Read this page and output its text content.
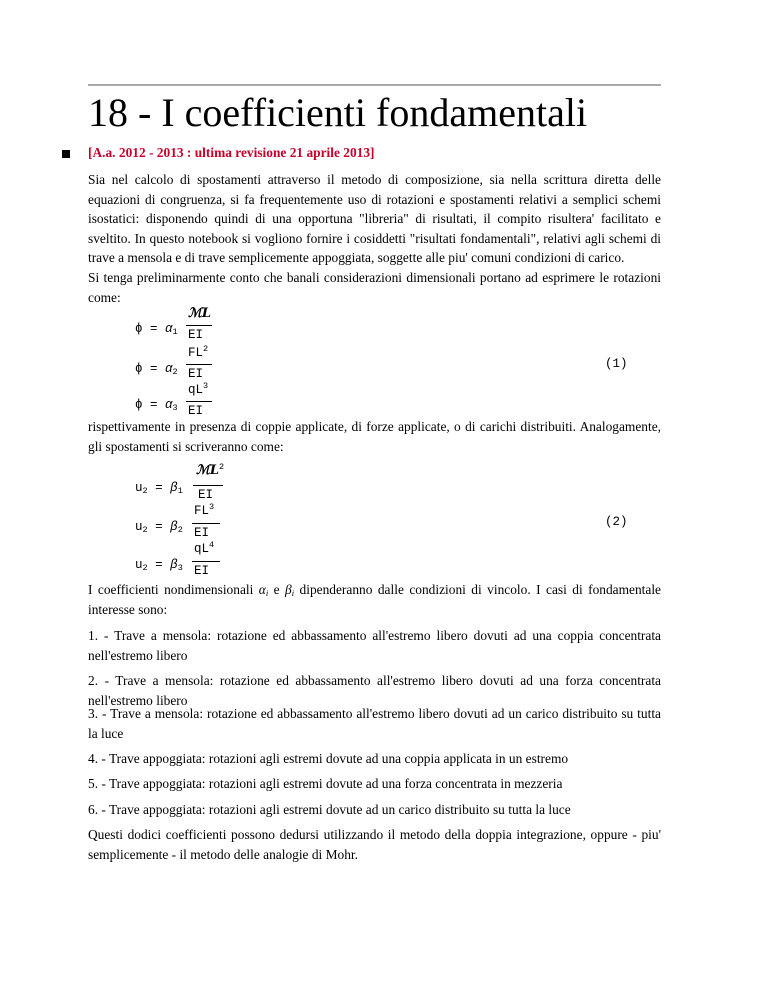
18 - I coefficienti fondamentali
[A.a. 2012 - 2013 : ultima revisione 21 aprile 2013]

Sia nel calcolo di spostamenti attraverso il metodo di composizione, sia nella scrittura diretta delle equazioni di congruenza, si fa frequentemente uso di rotazioni e spostamenti relativi a semplici schemi isostatici: disponendo quindi di una opportuna "libreria" di risultati, il compito risultera' facilitato e sveltito. In questo notebook si vogliono fornire i cosiddetti "risultati fondamentali", relativi agli schemi di trave a mensola e di trave semplicemente appoggiata, soggette alle piu' comuni condizioni di carico.

Si tenga preliminarmente conto che banali considerazioni dimensionali portano ad esprimere le rotazioni come:

$\phi = \alpha_1$
ℳL
EI
$\phi = \alpha_2$
$FL^2$
EI
(1)
$\phi = \alpha_3$
$qL^3$
EI

rispettivamente in presenza di coppie applicate, di forze applicate, o di carichi distribuiti. Analogamente, gli spostamenti si scriveranno come:

$u_2 = \beta_1$
ℳL$^2$
EI
$u_2 = \beta_2$
$FL^3$
EI
(2)
$u_2 = \beta_3$
$qL^4$
EI

I coefficienti nondimensionali $\alpha_i$ e $\beta_i$ dipenderanno dalle condizioni di vincolo. I casi di fondamentale interesse sono:

1. - Trave a mensola: rotazione ed abbassamento all'estremo libero dovuti ad una coppia concentrata nell'estremo libero

2. - Trave a mensola: rotazione ed abbassamento all'estremo libero dovuti ad una forza concentrata nell'estremo libero

3. - Trave a mensola: rotazione ed abbassamento all'estremo libero dovuti ad un carico distribuito su tutta la luce

4. - Trave appoggiata: rotazioni agli estremi dovute ad una coppia applicata in un estremo

5. - Trave appoggiata: rotazioni agli estremi dovute ad una forza concentrata in mezzeria

6. - Trave appoggiata: rotazioni agli estremi dovute ad un carico distribuito su tutta la luce

Questi dodici coefficienti possono dedursi utilizzando il metodo della doppia integrazione, oppure - piu' semplicemente - il metodo delle analogie di Mohr.
